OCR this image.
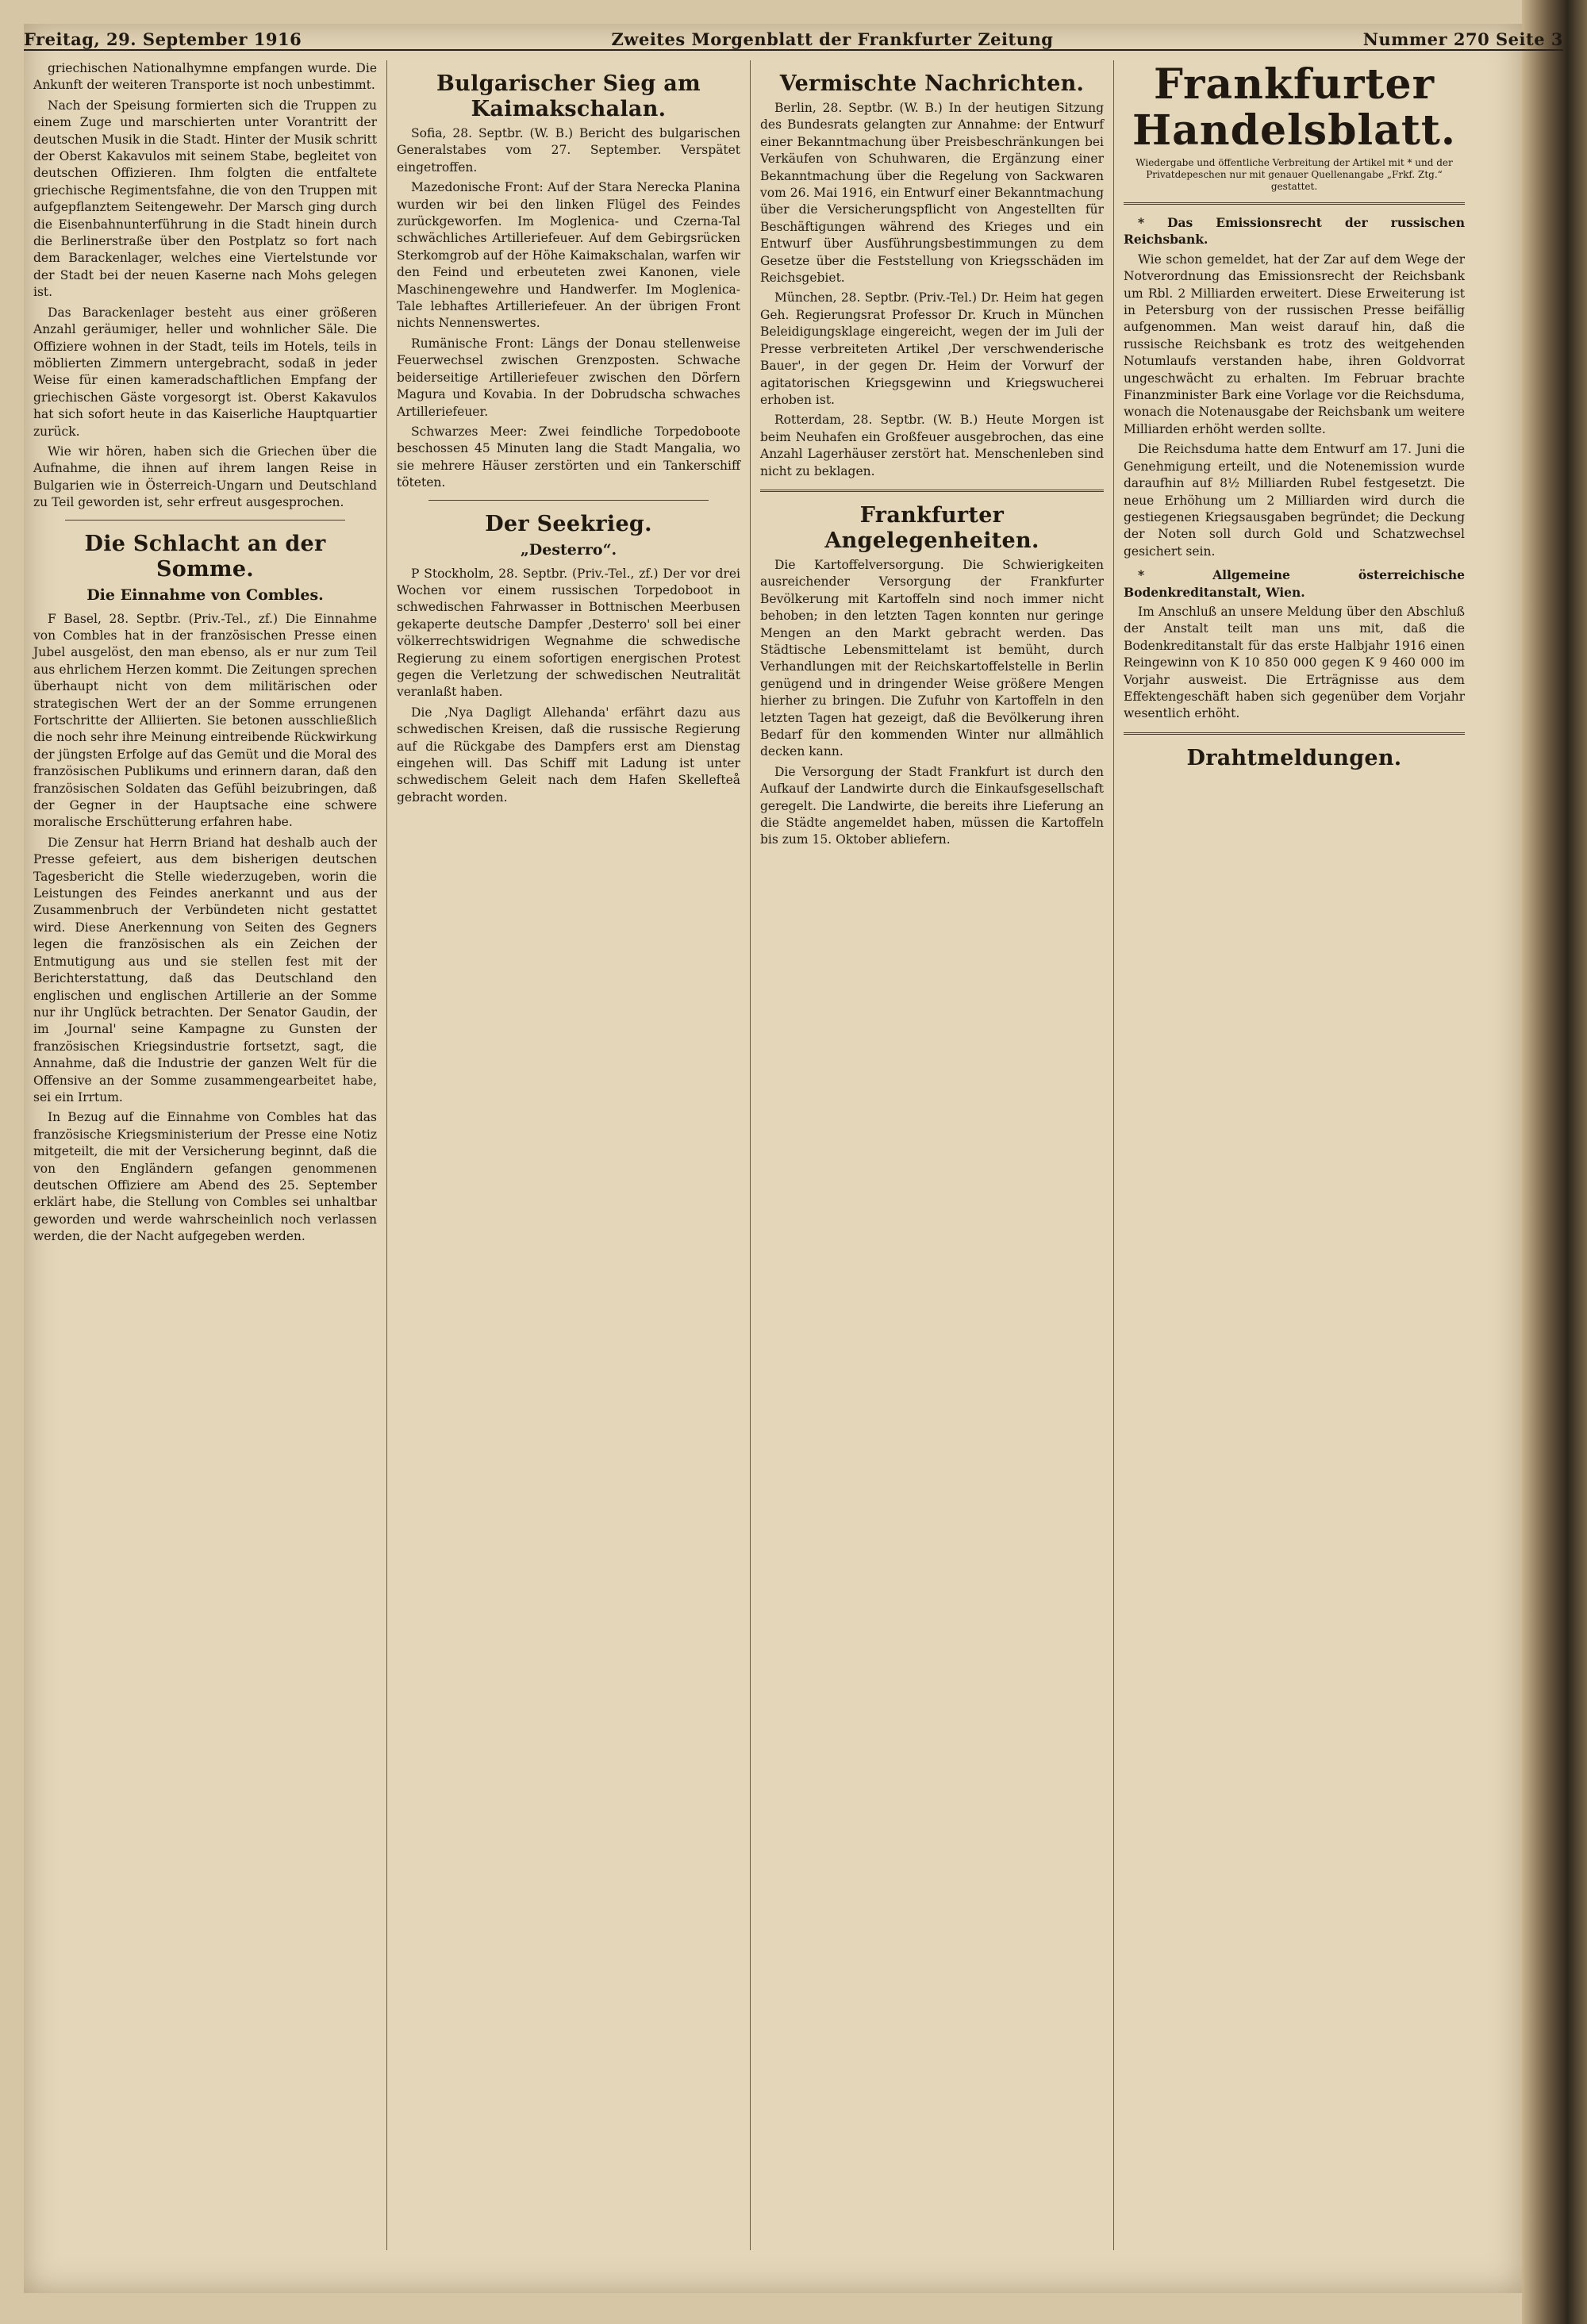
Freitag, 29. September 1916	Zweites Morgenblatt der Frankfurter Zeitung	Nummer 270 Seite 3

griechischen Nationalhymne empfangen wurde. Die Ankunft der weiteren Transporte ist noch unbestimmt.

Nach der Speisung formierten sich die Truppen zu einem Zuge und marschierten unter Vorantritt der deutschen Musik in die Stadt. Hinter der Musik schritt der Oberst Kakavulos mit seinem Stabe, begleitet von deutschen Offizieren. Ihm folgten die entfaltete griechische Regimentsfahne, die von den Truppen mit aufgepflanztem Seitengewehr. Der Marsch ging durch die Eisenbahnunterführung in die Stadt hinein durch die Berlinerstraße über den Postplatz so fort nach dem Barackenlager, welches eine Viertelstunde vor der Stadt bei der neuen Kaserne nach Mohs gelegen ist.

Das Barackenlager besteht aus einer größeren Anzahl geräumiger, heller und wohnlicher Säle. Die Offiziere wohnen in der Stadt, teils im Hotels, teils in möblierten Zimmern untergebracht, sodaß in jeder Weise für einen kameradschaftlichen Empfang der griechischen Gäste vorgesorgt ist. Oberst Kakavulos hat sich sofort heute in das Kaiserliche Hauptquartier zurück.

Wie wir hören, haben sich die Griechen über die Aufnahme, die ihnen auf ihrem langen Reise in Bulgarien wie in Österreich-Ungarn und Deutschland zu Teil geworden ist, sehr erfreut ausgesprochen.

Die Schlacht an der Somme.
Die Einnahme von Combles.

F Basel, 28. Septbr. (Priv.-Tel., zf.) Die Einnahme von Combles hat in der französischen Presse einen Jubel ausgelöst, den man ebenso, als er nur zum Teil aus ehrlichem Herzen kommt. Die Zeitungen sprechen überhaupt nicht von dem militärischen oder strategischen Wert der an der Somme errungenen Fortschritte der Alliierten. Sie betonen ausschließlich die noch sehr ihre Meinung eintreibende Rückwirkung der jüngsten Erfolge auf das Gemüt und die Moral des französischen Publikums und erinnern daran, daß den französischen Soldaten das Gefühl beizubringen, daß der Gegner in der Hauptsache eine schwere moralische Erschütterung erfahren habe.

Die Zensur hat Herrn Briand hat deshalb auch der Presse gefeiert, aus dem bisherigen deutschen Tagesbericht die Stelle wiederzugeben, worin die Leistungen des Feindes anerkannt und aus der Zusammenbruch der Verbündeten nicht gestattet wird. Diese Anerkennung von Seiten des Gegners legen die französischen als ein Zeichen der Entmutigung aus und sie stellen fest mit der Berichterstattung, daß das Deutschland den englischen und englischen Artillerie an der Somme nur ihr Unglück betrachten. Der Senator Gaudin, der im ‚Journal' seine Kampagne zu Gunsten der französischen Kriegsindustrie fortsetzt, sagt, die Annahme, daß die Industrie der ganzen Welt für die Offensive an der Somme zusammengearbeitet habe, sei ein Irrtum.

In Bezug auf die Einnahme von Combles hat das französische Kriegsministerium der Presse eine Notiz mitgeteilt, die mit der Versicherung beginnt, daß die von den Engländern gefangen genommenen deutschen Offiziere am Abend des 25. September erklärt habe, die Stellung von Combles sei unhaltbar geworden und werde wahrscheinlich noch verlassen werden, die der Nacht aufgegeben werden.

Bulgarischer Sieg am Kaimakschalan.

Sofia, 28. Septbr. (W. B.) Bericht des bulgarischen Generalstabes vom 27. September. Verspätet eingetroffen.

Mazedonische Front: Auf der Stara Nerecka Planina wurden wir bei den linken Flügel des Feindes zurückgeworfen. Im Moglenica- und Czerna-Tal schwächliches Artilleriefeuer. Auf dem Gebirgsrücken Sterkomgrob auf der Höhe Kaimakschalan, warfen wir den Feind und erbeuteten zwei Kanonen, viele Maschinengewehre und Handwerfer. Im Moglenica-Tale lebhaftes Artilleriefeuer. An der übrigen Front nichts Nennenswertes.

Rumänische Front: Längs der Donau stellenweise Feuerwechsel zwischen Grenzposten. Schwache beiderseitige Artilleriefeuer zwischen den Dörfern Magura und Kovabia. In der Dobrudscha schwaches Artilleriefeuer.

Schwarzes Meer: Zwei feindliche Torpedoboote beschossen 45 Minuten lang die Stadt Mangalia, wo sie mehrere Häuser zerstörten und ein Tankerschiff töteten.

Der Seekrieg.
„Desterro“.

P Stockholm, 28. Septbr. (Priv.-Tel., zf.) Der vor drei Wochen vor einem russischen Torpedoboot in schwedischen Fahrwasser in Bottnischen Meerbusen gekaperte deutsche Dampfer ‚Desterro' soll bei einer völkerrechtswidrigen Wegnahme die schwedische Regierung zu einem sofortigen energischen Protest gegen die Verletzung der schwedischen Neutralität veranlaßt haben.

Die ‚Nya Dagligt Allehanda' erfährt dazu aus schwedischen Kreisen, daß die russische Regierung auf die Rückgabe des Dampfers erst am Dienstag eingehen will. Das Schiff mit Ladung ist unter schwedischem Geleit nach dem Hafen Skellefteå gebracht worden.

Vermischte Nachrichten.

Berlin, 28. Septbr. (W. B.) In der heutigen Sitzung des Bundesrats gelangten zur Annahme: der Entwurf einer Bekanntmachung über Preisbeschränkungen bei Verkäufen von Schuhwaren, die Ergänzung einer Bekanntmachung über die Regelung von Sackwaren vom 26. Mai 1916, ein Entwurf einer Bekanntmachung über die Versicherungspflicht von Angestellten für Beschäftigungen während des Krieges und ein Entwurf über Ausführungsbestimmungen zu dem Gesetze über die Feststellung von Kriegsschäden im Reichsgebiet.

München, 28. Septbr. (Priv.-Tel.) Dr. Heim hat gegen Geh. Regierungsrat Professor Dr. Kruch in München Beleidigungsklage eingereicht, wegen der im Juli der Presse verbreiteten Artikel ‚Der verschwenderische Bauer', in der gegen Dr. Heim der Vorwurf der agitatorischen Kriegsgewinn und Kriegswucherei erhoben ist.

Rotterdam, 28. Septbr. (W. B.) Heute Morgen ist beim Neuhafen ein Großfeuer ausgebrochen, das eine Anzahl Lagerhäuser zerstört hat. Menschenleben sind nicht zu beklagen.

Frankfurter Angelegenheiten.

Die Kartoffelversorgung. Die Schwierigkeiten ausreichender Versorgung der Frankfurter Bevölkerung mit Kartoffeln sind noch immer nicht behoben; in den letzten Tagen konnten nur geringe Mengen an den Markt gebracht werden. Das Städtische Lebensmittelamt ist bemüht, durch Verhandlungen mit der Reichskartoffelstelle in Berlin genügend und in dringender Weise größere Mengen hierher zu bringen. Die Zufuhr von Kartoffeln in den letzten Tagen hat gezeigt, daß die Bevölkerung ihren Bedarf für den kommenden Winter nur allmählich decken kann.

Die Versorgung der Stadt Frankfurt ist durch den Aufkauf der Landwirte durch die Einkaufsgesellschaft geregelt. Die Landwirte, die bereits ihre Lieferung an die Städte angemeldet haben, müssen die Kartoffeln bis zum 15. Oktober abliefern.

Frankfurter Handelsblatt.
Wiedergabe und öffentliche Verbreitung der Artikel mit * und der Privatdepeschen nur mit genauer Quellenangabe „Frkf. Ztg.“ gestattet.

* Das Emissionsrecht der russischen Reichsbank.

Wie schon gemeldet, hat der Zar auf dem Wege der Notverordnung das Emissionsrecht der Reichsbank um Rbl. 2 Milliarden erweitert. Diese Erweiterung ist in Petersburg von der russischen Presse beifällig aufgenommen. Man weist darauf hin, daß die russische Reichsbank es trotz des weitgehenden Notumlaufs verstanden habe, ihren Goldvorrat ungeschwächt zu erhalten. Im Februar brachte Finanzminister Bark eine Vorlage vor die Reichsduma, wonach die Notenausgabe der Reichsbank um weitere Milliarden erhöht werden sollte.

Die Reichsduma hatte dem Entwurf am 17. Juni die Genehmigung erteilt, und die Notenemission wurde daraufhin auf 8½ Milliarden Rubel festgesetzt. Die neue Erhöhung um 2 Milliarden wird durch die gestiegenen Kriegsausgaben begründet; die Deckung der Noten soll durch Gold und Schatzwechsel gesichert sein.

* Allgemeine österreichische Bodenkreditanstalt, Wien.

Im Anschluß an unsere Meldung über den Abschluß der Anstalt teilt man uns mit, daß die Bodenkreditanstalt für das erste Halbjahr 1916 einen Reingewinn von K 10 850 000 gegen K 9 460 000 im Vorjahr ausweist. Die Erträgnisse aus dem Effektengeschäft haben sich gegenüber dem Vorjahr wesentlich erhöht.

Drahtmeldungen.
